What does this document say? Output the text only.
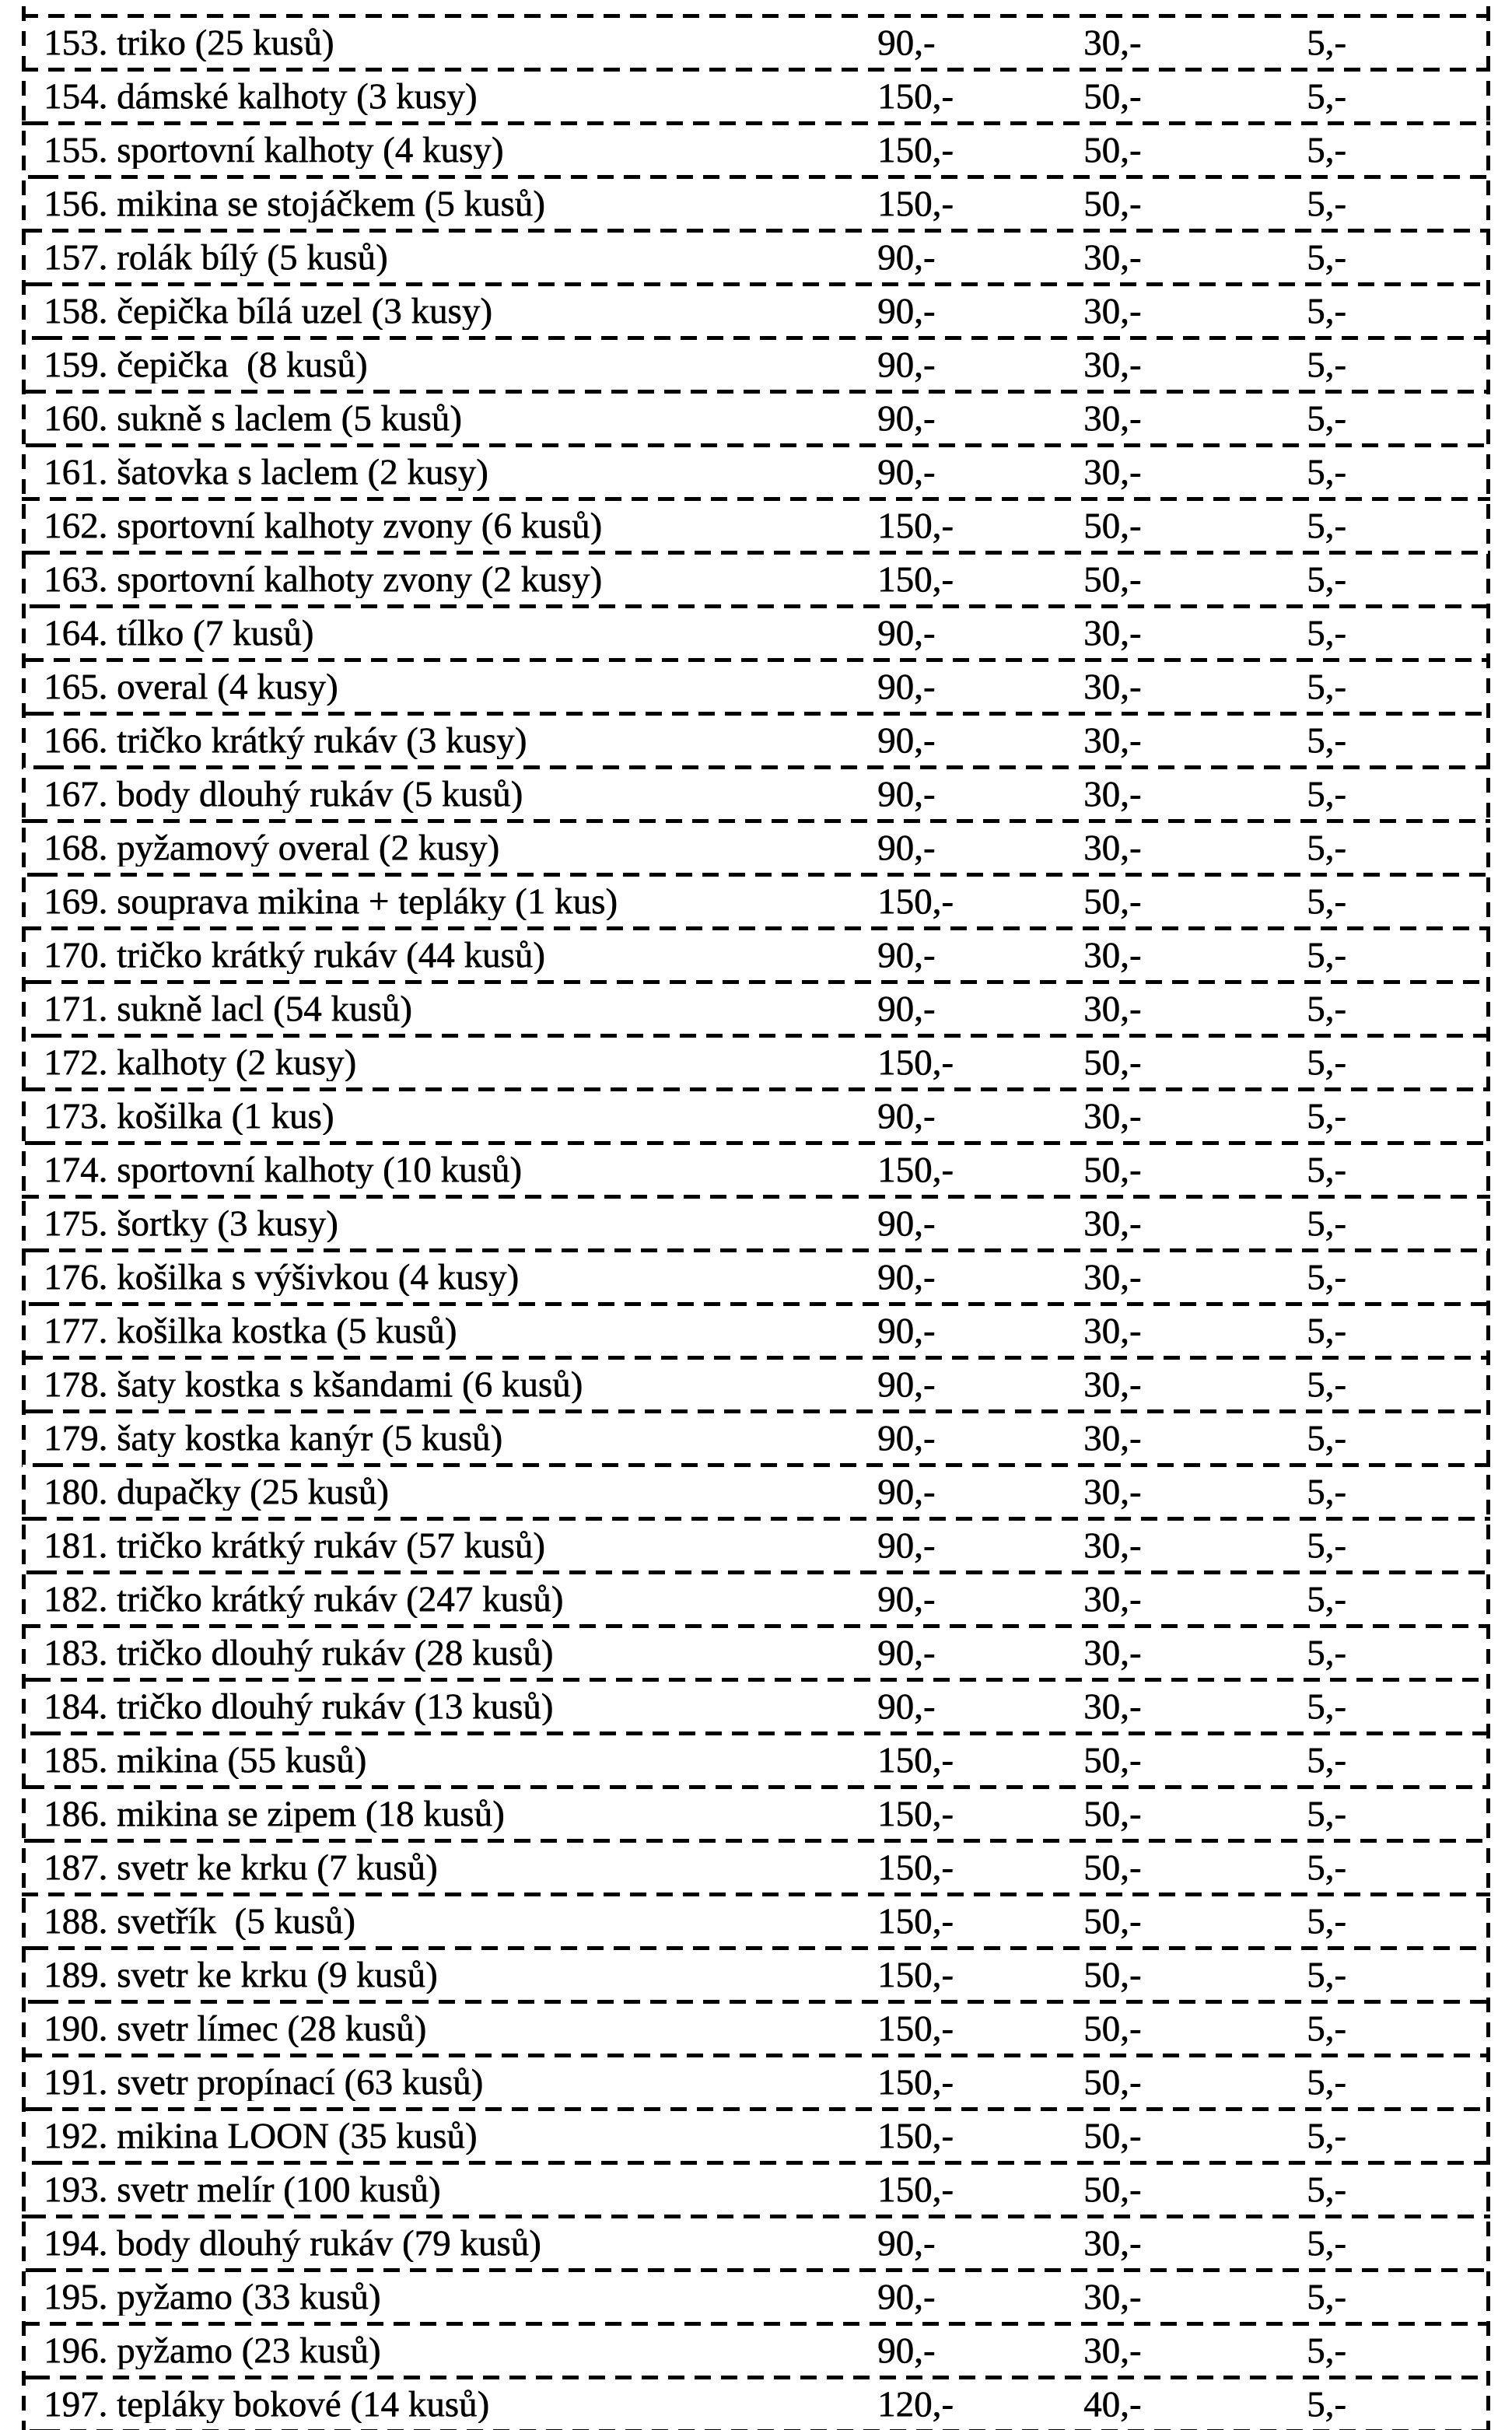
153. triko (25 kusů)	90,-	30,-	5,-
154. dámské kalhoty (3 kusy)	150,-	50,-	5,-
155. sportovní kalhoty (4 kusy)	150,-	50,-	5,-
156. mikina se stojáčkem (5 kusů)	150,-	50,-	5,-
157. rolák bílý (5 kusů)	90,-	30,-	5,-
158. čepička bílá uzel (3 kusy)	90,-	30,-	5,-
159. čepička  (8 kusů)	90,-	30,-	5,-
160. sukně s laclem (5 kusů)	90,-	30,-	5,-
161. šatovka s laclem (2 kusy)	90,-	30,-	5,-
162. sportovní kalhoty zvony (6 kusů)	150,-	50,-	5,-
163. sportovní kalhoty zvony (2 kusy)	150,-	50,-	5,-
164. tílko (7 kusů)	90,-	30,-	5,-
165. overal (4 kusy)	90,-	30,-	5,-
166. tričko krátký rukáv (3 kusy)	90,-	30,-	5,-
167. body dlouhý rukáv (5 kusů)	90,-	30,-	5,-
168. pyžamový overal (2 kusy)	90,-	30,-	5,-
169. souprava mikina + tepláky (1 kus)	150,-	50,-	5,-
170. tričko krátký rukáv (44 kusů)	90,-	30,-	5,-
171. sukně lacl (54 kusů)	90,-	30,-	5,-
172. kalhoty (2 kusy)	150,-	50,-	5,-
173. košilka (1 kus)	90,-	30,-	5,-
174. sportovní kalhoty (10 kusů)	150,-	50,-	5,-
175. šortky (3 kusy)	90,-	30,-	5,-
176. košilka s výšivkou (4 kusy)	90,-	30,-	5,-
177. košilka kostka (5 kusů)	90,-	30,-	5,-
178. šaty kostka s kšandami (6 kusů)	90,-	30,-	5,-
179. šaty kostka kanýr (5 kusů)	90,-	30,-	5,-
180. dupačky (25 kusů)	90,-	30,-	5,-
181. tričko krátký rukáv (57 kusů)	90,-	30,-	5,-
182. tričko krátký rukáv (247 kusů)	90,-	30,-	5,-
183. tričko dlouhý rukáv (28 kusů)	90,-	30,-	5,-
184. tričko dlouhý rukáv (13 kusů)	90,-	30,-	5,-
185. mikina (55 kusů)	150,-	50,-	5,-
186. mikina se zipem (18 kusů)	150,-	50,-	5,-
187. svetr ke krku (7 kusů)	150,-	50,-	5,-
188. svetřík  (5 kusů)	150,-	50,-	5,-
189. svetr ke krku (9 kusů)	150,-	50,-	5,-
190. svetr límec (28 kusů)	150,-	50,-	5,-
191. svetr propínací (63 kusů)	150,-	50,-	5,-
192. mikina LOON (35 kusů)	150,-	50,-	5,-
193. svetr melír (100 kusů)	150,-	50,-	5,-
194. body dlouhý rukáv (79 kusů)	90,-	30,-	5,-
195. pyžamo (33 kusů)	90,-	30,-	5,-
196. pyžamo (23 kusů)	90,-	30,-	5,-
197. tepláky bokové (14 kusů)	120,-	40,-	5,-
